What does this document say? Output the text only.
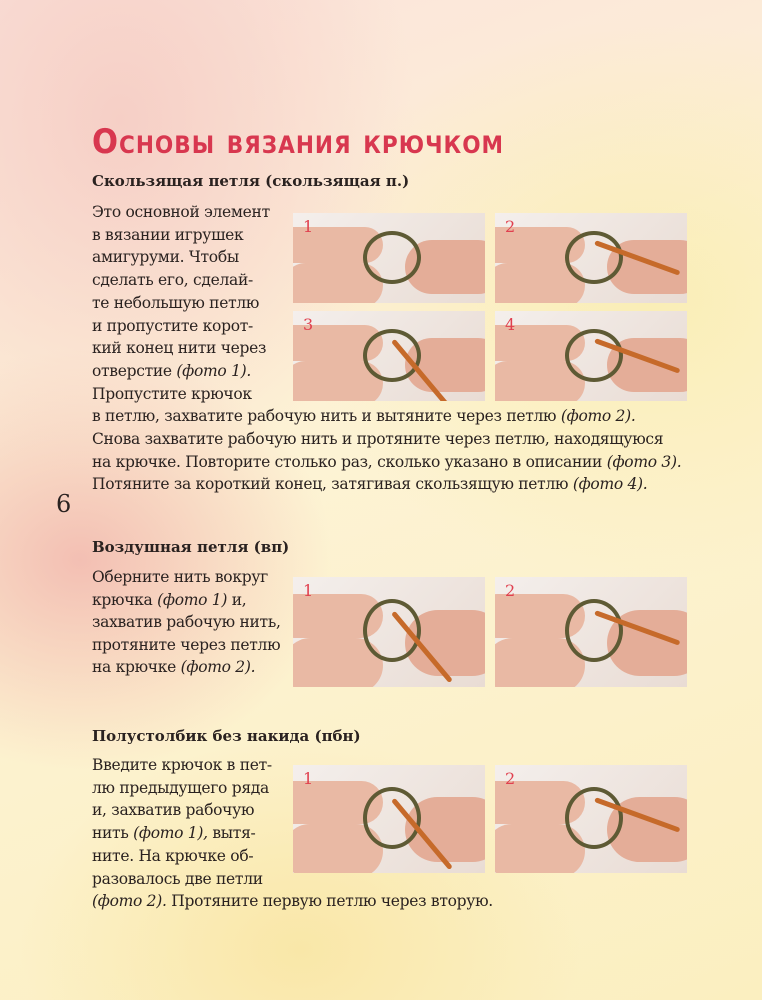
Основы вязания крючком
6
Скользящая петля (скользящая п.)
Это основной элемент
в вязании игрушек
амигуруми. Чтобы
сделать его, сделай-
те небольшую петлю
и пропустите корот-
кий конец нити через
отверстие (фото 1).
Пропустите крючок
в петлю, захватите рабочую нить и вытяните через петлю (фото 2).
Снова захватите рабочую нить и протяните через петлю, находящуюся
на крючке. Повторите столько раз, сколько указано в описании (фото 3).
Потяните за короткий конец, затягивая скользящую петлю (фото 4).
1	2
3	4
Воздушная петля (вп)
Оберните нить вокруг
крючка (фото 1) и,
захватив рабочую нить,
протяните через петлю
на крючке (фото 2).
1	2
Полустолбик без накида (пбн)
Введите крючок в пет-
лю предыдущего ряда
и, захватив рабочую
нить (фото 1), вытя-
ните. На крючке об-
разовалось две петли
(фото 2). Протяните первую петлю через вторую.
1	2
